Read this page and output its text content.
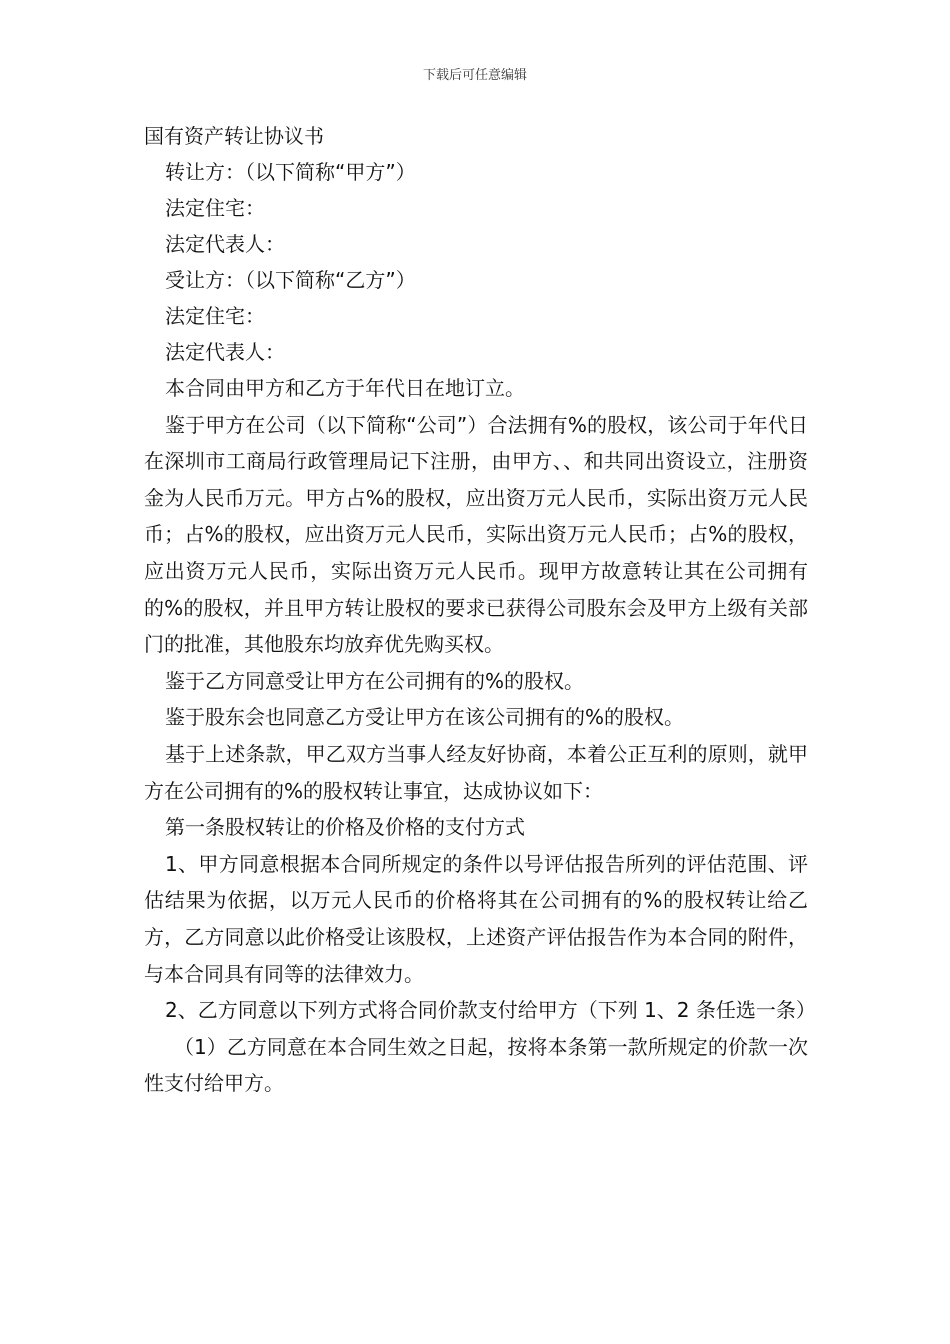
下载后可任意编辑

国有资产转让协议书

转让方：（以下简称“甲方”）

法定住宅：

法定代表人：

受让方：（以下简称“乙方”）

法定住宅：

法定代表人：

本合同由甲方和乙方于年代日在地订立。

鉴于甲方在公司（以下简称“公司”）合法拥有%的股权，该公司于年代日在深圳市工商局行政管理局记下注册，由甲方、、和共同出资设立，注册资金为人民币万元。甲方占%的股权，应出资万元人民币，实际出资万元人民币；占%的股权，应出资万元人民币，实际出资万元人民币；占%的股权，应出资万元人民币，实际出资万元人民币。现甲方故意转让其在公司拥有的%的股权，并且甲方转让股权的要求已获得公司股东会及甲方上级有关部门的批准，其他股东均放弃优先购买权。

鉴于乙方同意受让甲方在公司拥有的%的股权。

鉴于股东会也同意乙方受让甲方在该公司拥有的%的股权。

基于上述条款，甲乙双方当事人经友好协商，本着公正互利的原则，就甲方在公司拥有的%的股权转让事宜，达成协议如下：

第一条股权转让的价格及价格的支付方式

1、甲方同意根据本合同所规定的条件以号评估报告所列的评估范围、评估结果为依据，以万元人民币的价格将其在公司拥有的%的股权转让给乙方，乙方同意以此价格受让该股权，上述资产评估报告作为本合同的附件，与本合同具有同等的法律效力。

2、乙方同意以下列方式将合同价款支付给甲方（下列 1、2 条任选一条）

（1）乙方同意在本合同生效之日起，按将本条第一款所规定的价款一次性支付给甲方。
